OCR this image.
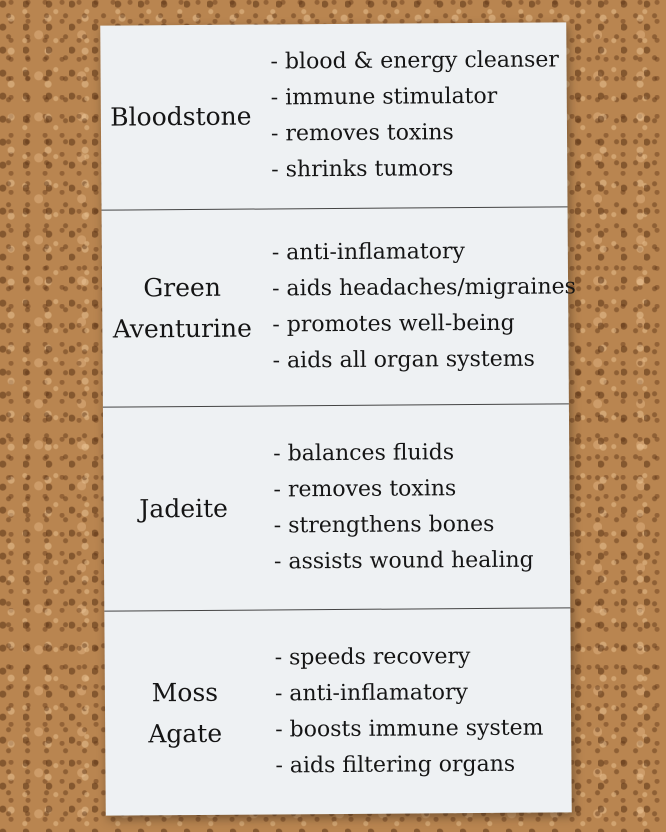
Bloodstone
- blood & energy cleanser
- immune stimulator
- removes toxins
- shrinks tumors
Green
Aventurine
- anti-inflamatory
- aids headaches/migraines
- promotes well-being
- aids all organ systems
Jadeite
- balances fluids
- removes toxins
- strengthens bones
- assists wound healing
Moss
Agate
- speeds recovery
- anti-inflamatory
- boosts immune system
- aids filtering organs
